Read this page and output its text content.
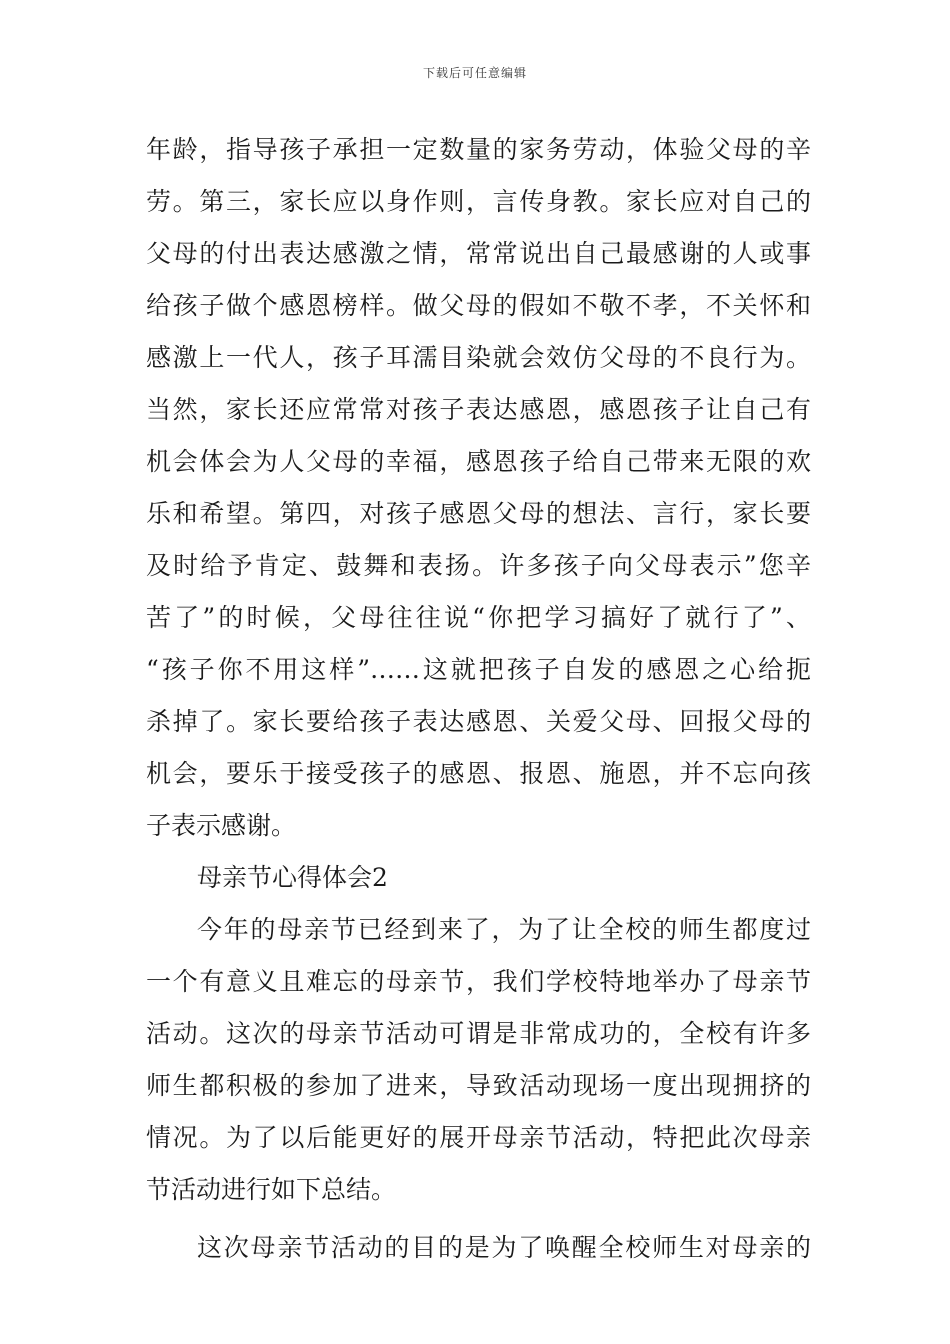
下载后可任意编辑
年龄，指导孩子承担一定数量的家务劳动，体验父母的辛
劳。第三，家长应以身作则，言传身教。家长应对自己的
父母的付出表达感激之情，常常说出自己最感谢的人或事
给孩子做个感恩榜样。做父母的假如不敬不孝，不关怀和
感激上一代人，孩子耳濡目染就会效仿父母的不良行为。
当然，家长还应常常对孩子表达感恩，感恩孩子让自己有
机会体会为人父母的幸福，感恩孩子给自己带来无限的欢
乐和希望。第四，对孩子感恩父母的想法、言行，家长要
及时给予肯定、鼓舞和表扬。许多孩子向父母表示”您辛
苦了”的时候，父母往往说“你把学习搞好了就行了”、
“孩子你不用这样”……这就把孩子自发的感恩之心给扼
杀掉了。家长要给孩子表达感恩、关爱父母、回报父母的
机会，要乐于接受孩子的感恩、报恩、施恩，并不忘向孩
子表示感谢。
母亲节心得体会2
今年的母亲节已经到来了，为了让全校的师生都度过
一个有意义且难忘的母亲节，我们学校特地举办了母亲节
活动。这次的母亲节活动可谓是非常成功的，全校有许多
师生都积极的参加了进来，导致活动现场一度出现拥挤的
情况。为了以后能更好的展开母亲节活动，特把此次母亲
节活动进行如下总结。
这次母亲节活动的目的是为了唤醒全校师生对母亲的
